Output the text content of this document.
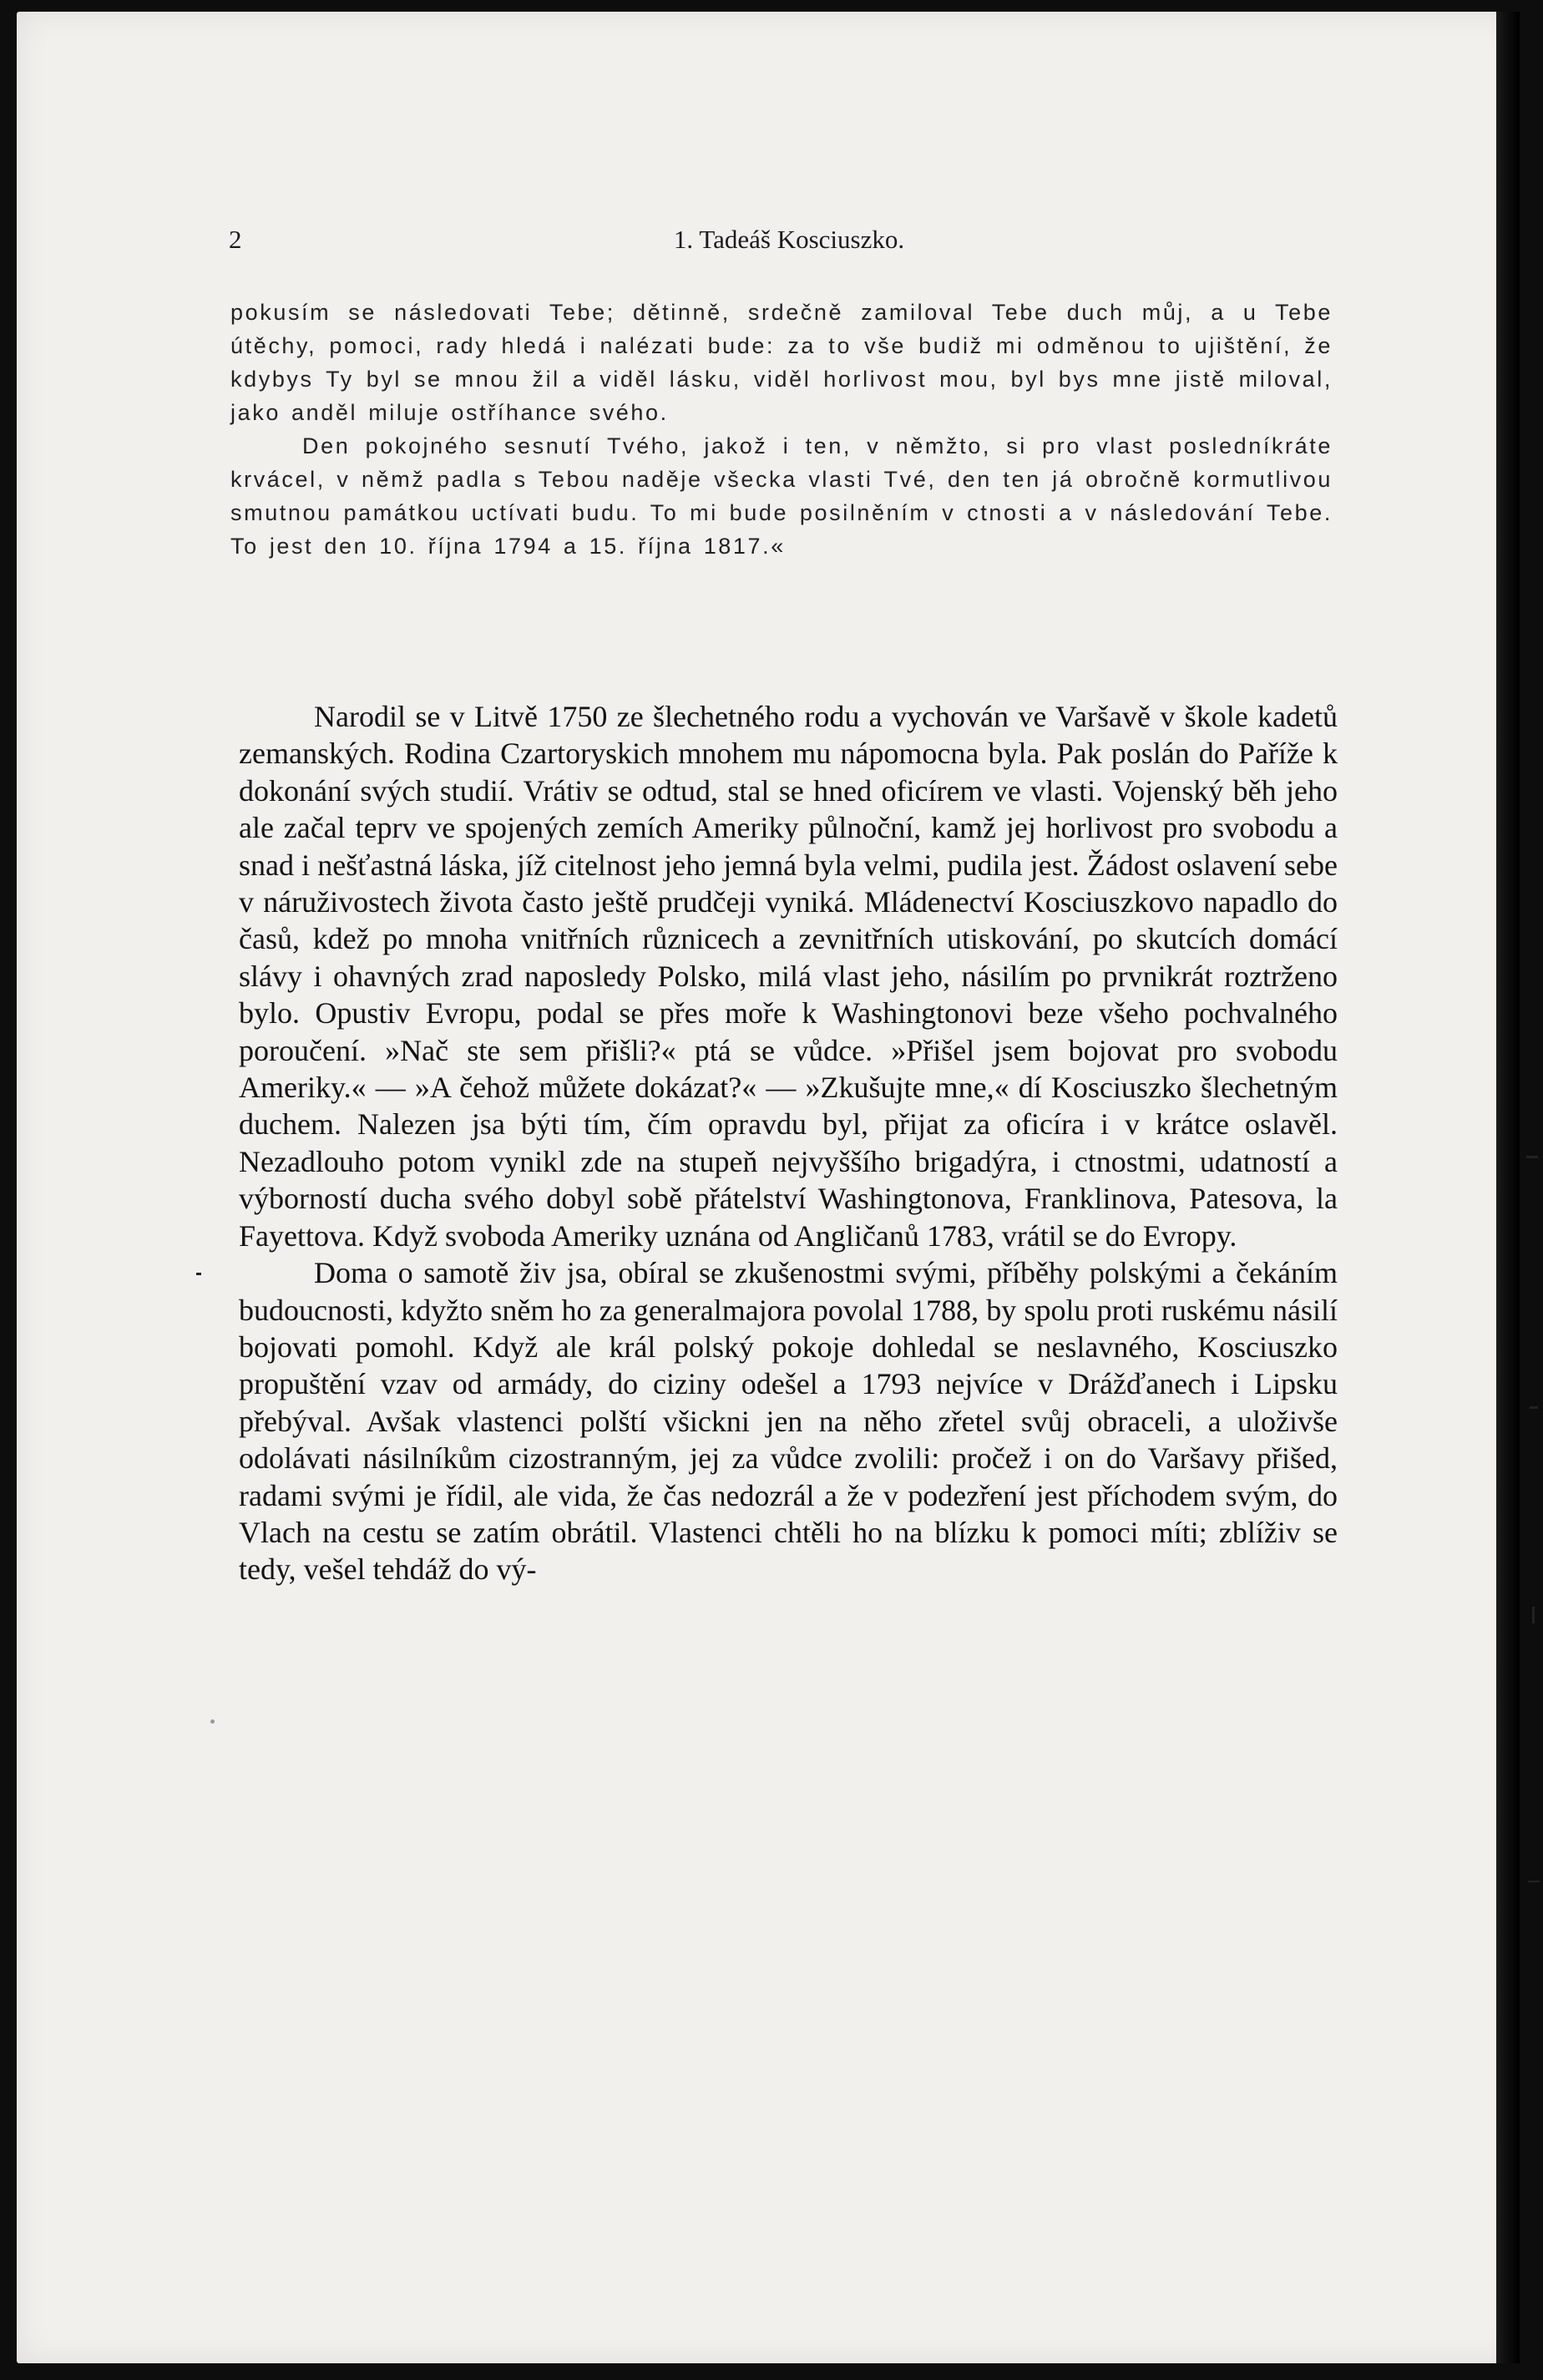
2	1. Tadeáš Kosciuszko.

pokusím se následovati Tebe; dětinně, srdečně zamiloval Tebe duch můj, a u Tebe útěchy, pomoci, rady hledá i nalézati bude: za to vše budiž mi odměnou to ujištění, že kdybys Ty byl se mnou žil a viděl lásku, viděl horlivost mou, byl bys mne jistě miloval, jako anděl miluje ostříhance svého.

Den pokojného sesnutí Tvého, jakož i ten, v němžto, si pro vlast posledníkráte krvácel, v němž padla s Tebou naděje všecka vlasti Tvé, den ten já obročně kormutlivou smutnou památkou uctívati budu. To mi bude posilněním v ctnosti a v následování Tebe. To jest den 10. října 1794 a 15. října 1817.«

Narodil se v Litvě 1750 ze šlechetného rodu a vychován ve Varšavě v škole kadetů zemanských. Rodina Czartoryskich mnohem mu nápomocna byla. Pak poslán do Paříže k dokonání svých studií. Vrátiv se odtud, stal se hned oficírem ve vlasti. Vojenský běh jeho ale začal teprv ve spojených zemích Ameriky půlnoční, kamž jej horlivost pro svobodu a snad i nešťastná láska, jíž citelnost jeho jemná byla velmi, pudila jest. Žádost oslavení sebe v náruživostech života často ještě prudčeji vyniká. Mládenectví Kosciuszkovo napadlo do časů, kdež po mnoha vnitřních různicech a zevnitřních utiskování, po skutcích domácí slávy i ohavných zrad naposledy Polsko, milá vlast jeho, násilím po prvnikrát roztrženo bylo. Opustiv Evropu, podal se přes moře k Washingtonovi beze všeho pochvalného poroučení. »Nač ste sem přišli?« ptá se vůdce. »Přišel jsem bojovat pro svobodu Ameriky.« — »A čehož můžete dokázat?« — »Zkušujte mne,« dí Kosciuszko šlechetným duchem. Nalezen jsa býti tím, čím opravdu byl, přijat za oficíra i v krátce oslavěl. Nezadlouho potom vynikl zde na stupeň nejvyššího brigadýra, i ctnostmi, udatností a výborností ducha svého dobyl sobě přátelství Washingtonova, Franklinova, Patesova, la Fayettova. Když svoboda Ameriky uznána od Angličanů 1783, vrátil se do Evropy.

Doma o samotě živ jsa, obíral se zkušenostmi svými, příběhy polskými a čekáním budoucnosti, kdyžto sněm ho za generalmajora povolal 1788, by spolu proti ruskému násilí bojovati pomohl. Když ale král polský pokoje dohledal se neslavného, Kosciuszko propuštění vzav od armády, do ciziny odešel a 1793 nejvíce v Drážďanech i Lipsku přebýval. Avšak vlastenci polští všickni jen na něho zřetel svůj obraceli, a uloživše odolávati násilníkům cizostranným, jej za vůdce zvolili: pročež i on do Varšavy přišed, radami svými je řídil, ale vida, že čas nedozrál a že v podezření jest příchodem svým, do Vlach na cestu se zatím obrátil. Vlastenci chtěli ho na blízku k pomoci míti; zblíživ se tedy, vešel tehdáž do vý-
